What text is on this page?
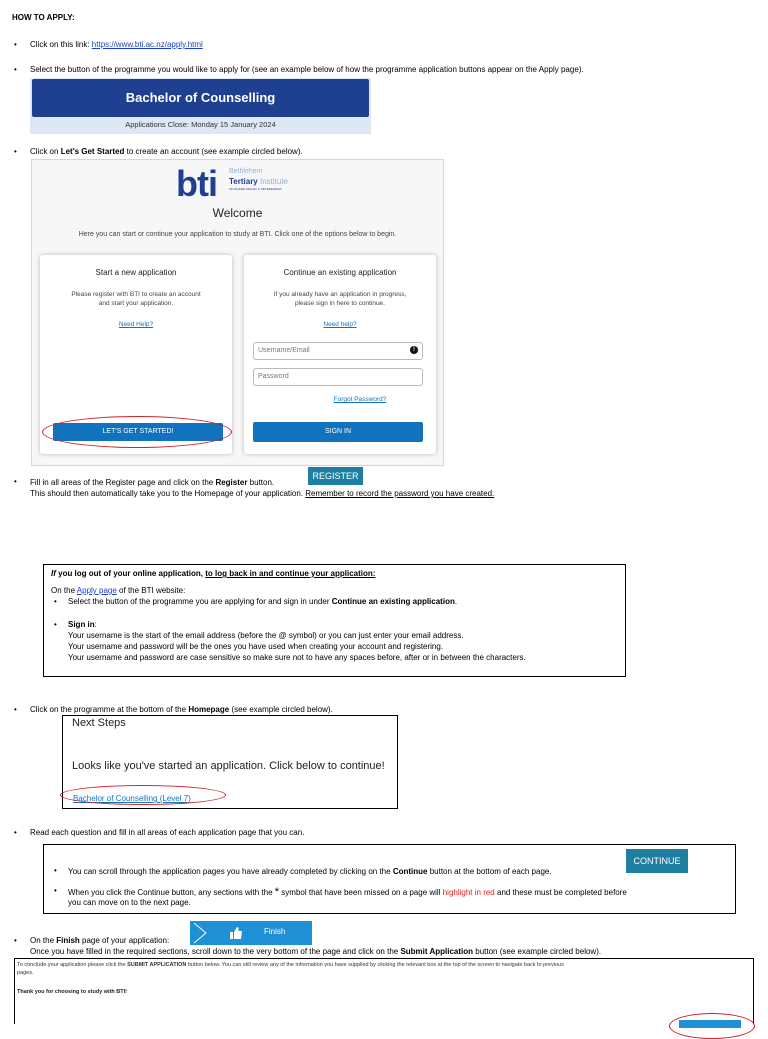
HOW TO APPLY:
• Click on this link: https://www.bti.ac.nz/apply.html
• Select the button of the programme you would like to apply for (see an example below of how the programme application buttons appear on the Apply page).
Bachelor of Counselling
Applications Close: Monday 15 January 2024
• Click on Let's Get Started to create an account (see example circled below).
bti Bethlehem
Tertiary Institute
TE WHARE TAKIAKI O PETEREHEMA
Welcome
Here you can start or continue your application to study at BTI. Click one of the options below to begin.
Start a new application
Please register with BTI to create an account
and start your application.
Need Help?
LET'S GET STARTED!
Continue an existing application
If you already have an application in progress,
please sign in here to continue.
Need help?
Username/Email	!
Password
Forgot Password?
SIGN IN
• Fill in all areas of the Register page and click on the Register button.
REGISTER
This should then automatically take you to the Homepage of your application. Remember to record the password you have created.
If you log out of your online application, to log back in and continue your application:
On the Apply page of the BTI website:
• Select the button of the programme you are applying for and sign in under Continue an existing application.
• Sign in:
Your username is the start of the email address (before the @ symbol) or you can just enter your email address.
Your username and password will be the ones you have used when creating your account and registering.
Your username and password are case sensitive so make sure not to have any spaces before, after or in between the characters.
• Click on the programme at the bottom of the Homepage (see example circled below).
Next Steps
Looks like you've started an application. Click below to continue!
Bachelor of Counselling (Level 7)
• Read each question and fill in all areas of each application page that you can.
• You can scroll through the application pages you have already completed by clicking on the Continue button at the bottom of each page.
• When you click the Continue button, any sections with the * symbol that have been missed on a page will highlight in red and these must be completed before
you can move on to the next page.
CONTINUE
• On the Finish page of your application:
Finish
Once you have filled in the required sections, scroll down to the very bottom of the page and click on the Submit Application button (see example circled below).
To conclude your application please click the SUBMIT APPLICATION button below. You can still review any of the information you have supplied by clicking the relevant box at the top of the screen to navigate back to previous
pages.
Thank you for choosing to study with BTI!
